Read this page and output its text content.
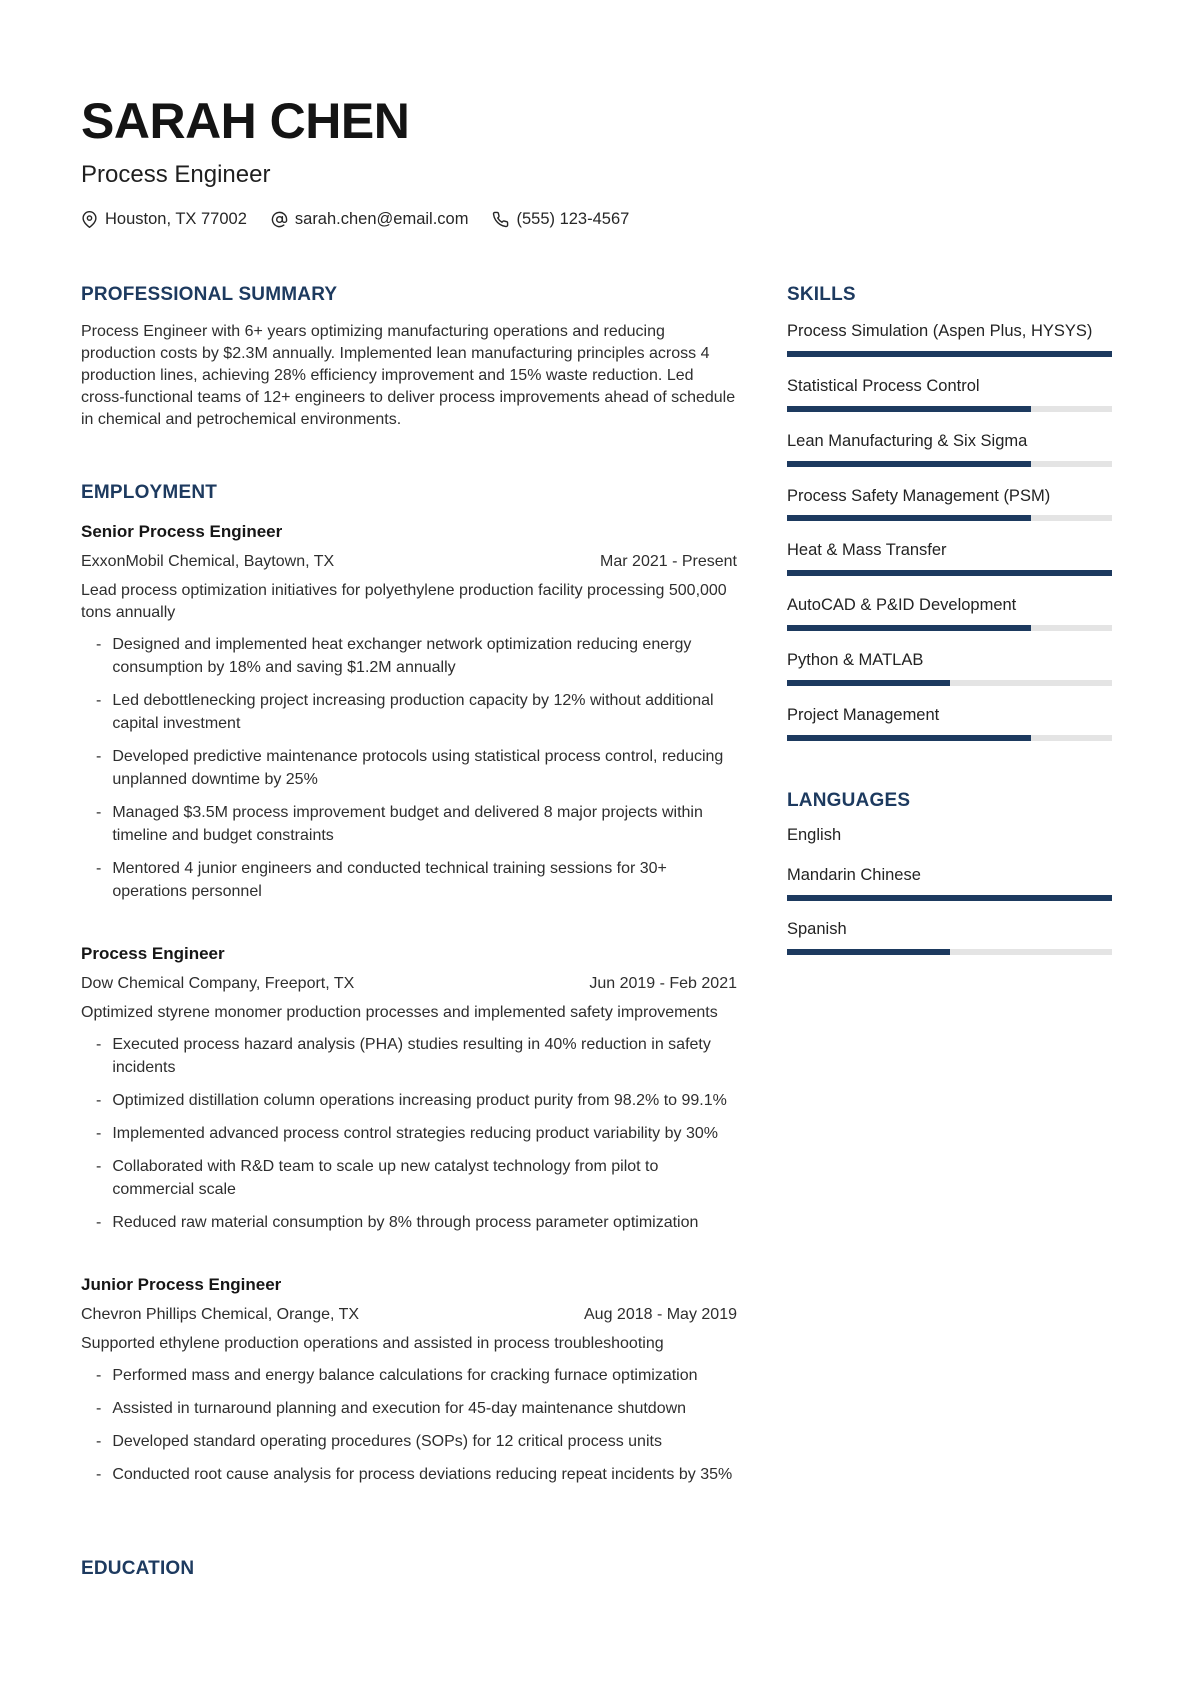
SARAH CHEN
Process Engineer
Houston, TX 77002	sarah.chen@email.com	(555) 123-4567
PROFESSIONAL SUMMARY
Process Engineer with 6+ years optimizing manufacturing operations and reducing production costs by $2.3M annually. Implemented lean manufacturing principles across 4 production lines, achieving 28% efficiency improvement and 15% waste reduction. Led cross-functional teams of 12+ engineers to deliver process improvements ahead of schedule in chemical and petrochemical environments.
EMPLOYMENT
Senior Process Engineer
ExxonMobil Chemical, Baytown, TX	Mar 2021 - Present
Lead process optimization initiatives for polyethylene production facility processing 500,000 tons annually
- Designed and implemented heat exchanger network optimization reducing energy consumption by 18% and saving $1.2M annually
- Led debottlenecking project increasing production capacity by 12% without additional capital investment
- Developed predictive maintenance protocols using statistical process control, reducing unplanned downtime by 25%
- Managed $3.5M process improvement budget and delivered 8 major projects within timeline and budget constraints
- Mentored 4 junior engineers and conducted technical training sessions for 30+ operations personnel
Process Engineer
Dow Chemical Company, Freeport, TX	Jun 2019 - Feb 2021
Optimized styrene monomer production processes and implemented safety improvements
- Executed process hazard analysis (PHA) studies resulting in 40% reduction in safety incidents
- Optimized distillation column operations increasing product purity from 98.2% to 99.1%
- Implemented advanced process control strategies reducing product variability by 30%
- Collaborated with R&D team to scale up new catalyst technology from pilot to commercial scale
- Reduced raw material consumption by 8% through process parameter optimization
Junior Process Engineer
Chevron Phillips Chemical, Orange, TX	Aug 2018 - May 2019
Supported ethylene production operations and assisted in process troubleshooting
- Performed mass and energy balance calculations for cracking furnace optimization
- Assisted in turnaround planning and execution for 45-day maintenance shutdown
- Developed standard operating procedures (SOPs) for 12 critical process units
- Conducted root cause analysis for process deviations reducing repeat incidents by 35%
EDUCATION
SKILLS
Process Simulation (Aspen Plus, HYSYS)
Statistical Process Control
Lean Manufacturing & Six Sigma
Process Safety Management (PSM)
Heat & Mass Transfer
AutoCAD & P&ID Development
Python & MATLAB
Project Management
LANGUAGES
English
Mandarin Chinese
Spanish
